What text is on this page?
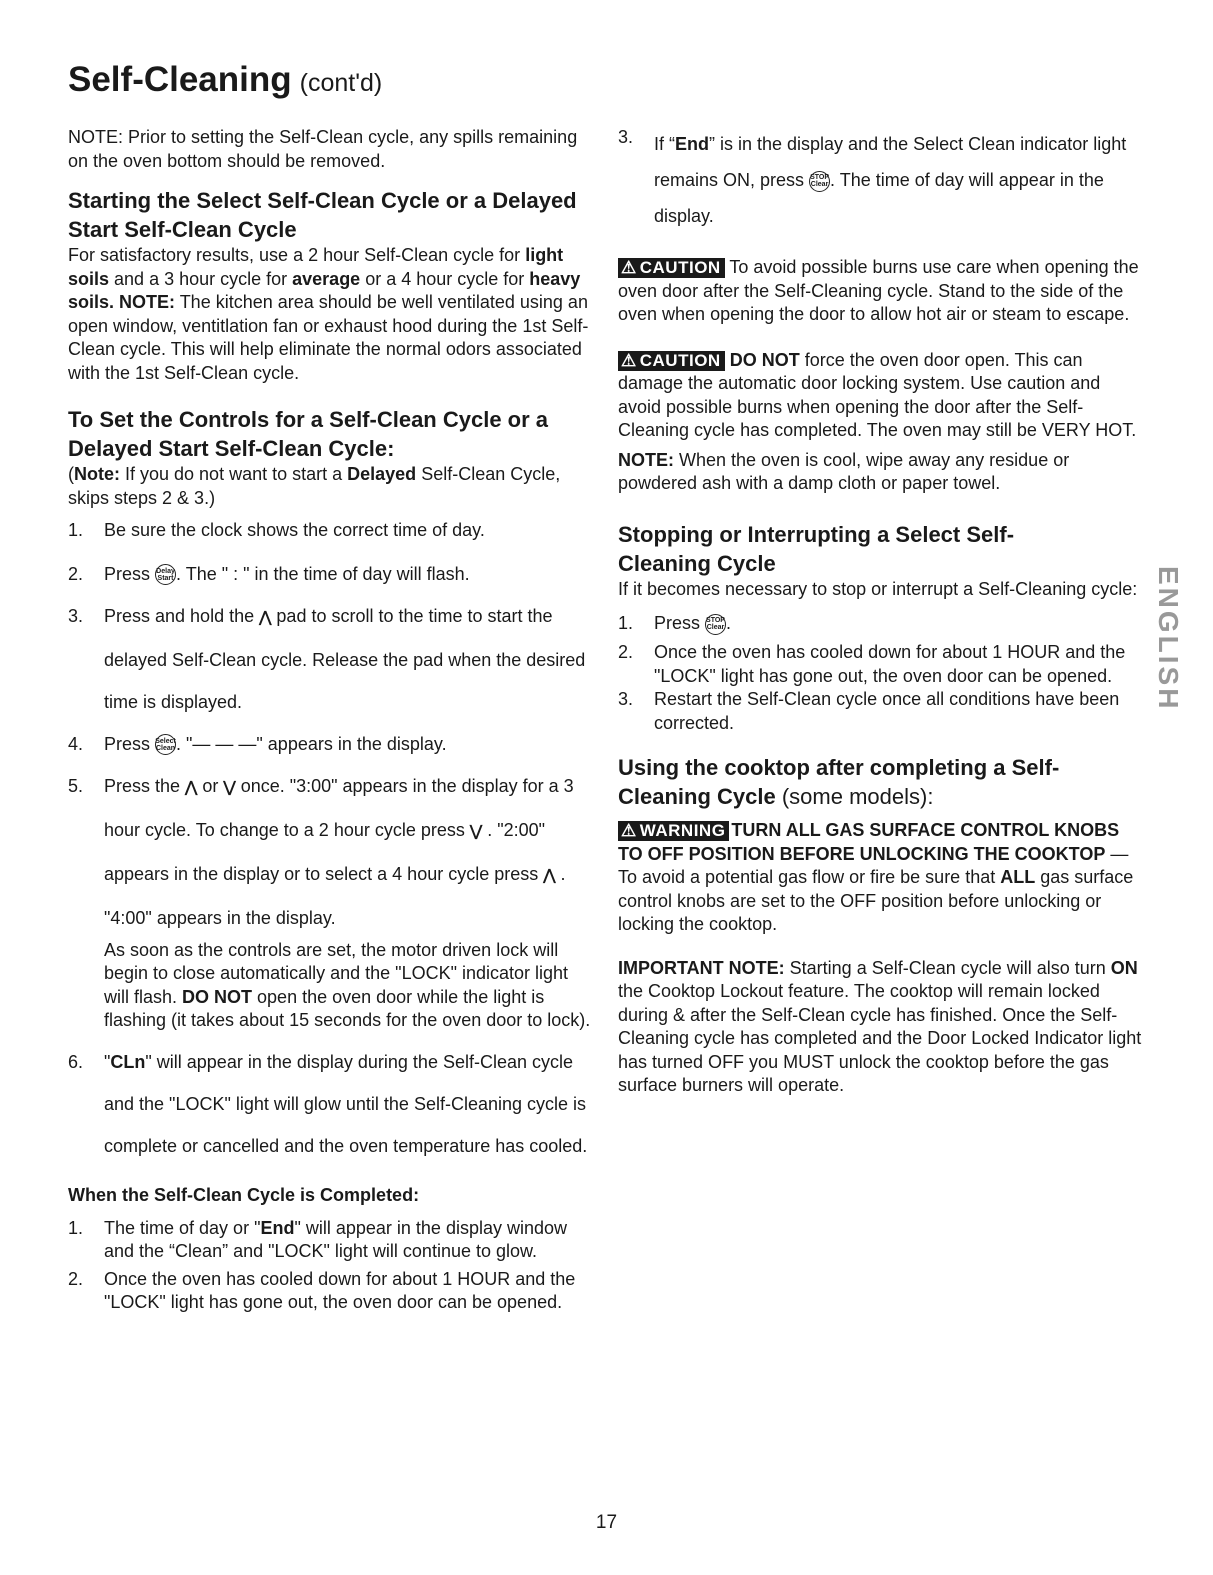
Self-Cleaning (cont'd)

NOTE: Prior to setting the Self-Clean cycle, any spills remaining on the oven bottom should be removed.

Starting the Select Self-Clean Cycle or a Delayed Start Self-Clean Cycle

For satisfactory results, use a 2 hour Self-Clean cycle for light soils and a 3 hour cycle for average or a 4 hour cycle for heavy soils. NOTE: The kitchen area should be well ventilated using an open window, ventitlation fan or exhaust hood during the 1st Self-Clean cycle. This will help eliminate the normal odors associated with the 1st Self-Clean cycle.

To Set the Controls for a Self-Clean Cycle or a Delayed Start Self-Clean Cycle:

(Note: If you do not want to start a Delayed Self-Clean Cycle, skips steps 2 & 3.)

1.	Be sure the clock shows the correct time of day.
2.	Press Delay Start . The " : " in the time of day will flash.
3.	Press and hold the ⋀ pad to scroll to the time to start the delayed Self-Clean cycle. Release the pad when the desired time is displayed.
4.	Press Select Clean. "— — —" appears in the display.
5.	Press the ⋀ or ⋁ once. "3:00" appears in the display for a 3 hour cycle. To change to a 2 hour cycle press ⋁ . "2:00" appears in the display or to select a 4 hour cycle press ⋀ . "4:00" appears in the display.

As soon as the controls are set, the motor driven lock will begin to close automatically and the "LOCK" indicator light will flash. DO NOT open the oven door while the light is flashing (it takes about 15 seconds for the oven door to lock).

6.	"CLn" will appear in the display during the Self-Clean cycle and the "LOCK" light will glow until the Self-Cleaning cycle is complete or cancelled and the oven temperature has cooled.
When the Self-Clean Cycle is Completed:
1.	The time of day or "End" will appear in the display window and the “Clean” and "LOCK" light will continue to glow.
2.	Once the oven has cooled down for about 1 HOUR and the "LOCK" light has gone out, the oven door can be opened.
3.	If “End” is in the display and the Select Clean indicator light remains ON, press STOP Clear. The time of day will appear in the display.

⚠ CAUTION To avoid possible burns use care when opening the oven door after the Self-Cleaning cycle. Stand to the side of the oven when opening the door to allow hot air or steam to escape.

⚠ CAUTION DO NOT force the oven door open. This can damage the automatic door locking system. Use caution and avoid possible burns when opening the door after the Self-Cleaning cycle has completed. The oven may still be VERY HOT.

NOTE: When the oven is cool, wipe away any residue or powdered ash with a damp cloth or paper towel.

Stopping or Interrupting a Select Self-Cleaning Cycle

If it becomes necessary to stop or interrupt a Self-Cleaning cycle:

1.	Press STOP Clear.
2.	Once the oven has cooled down for about 1 HOUR and the "LOCK" light has gone out, the oven door can be opened.
3.	Restart the Self-Clean cycle once all conditions have been corrected.
Using the cooktop after completing a Self-Cleaning Cycle (some models):

⚠ WARNING TURN ALL GAS SURFACE CONTROL KNOBS TO OFF POSITION BEFORE UNLOCKING THE COOKTOP — To avoid a potential gas flow or fire be sure that ALL gas surface control knobs are set to the OFF position before unlocking or locking the cooktop.

IMPORTANT NOTE: Starting a Self-Clean cycle will also turn ON the Cooktop Lockout feature. The cooktop will remain locked during & after the Self-Clean cycle has finished. Once the Self-Cleaning cycle has completed and the Door Locked Indicator light has turned OFF you MUST unlock the cooktop before the gas surface burners will operate.

ENGLISH
17
